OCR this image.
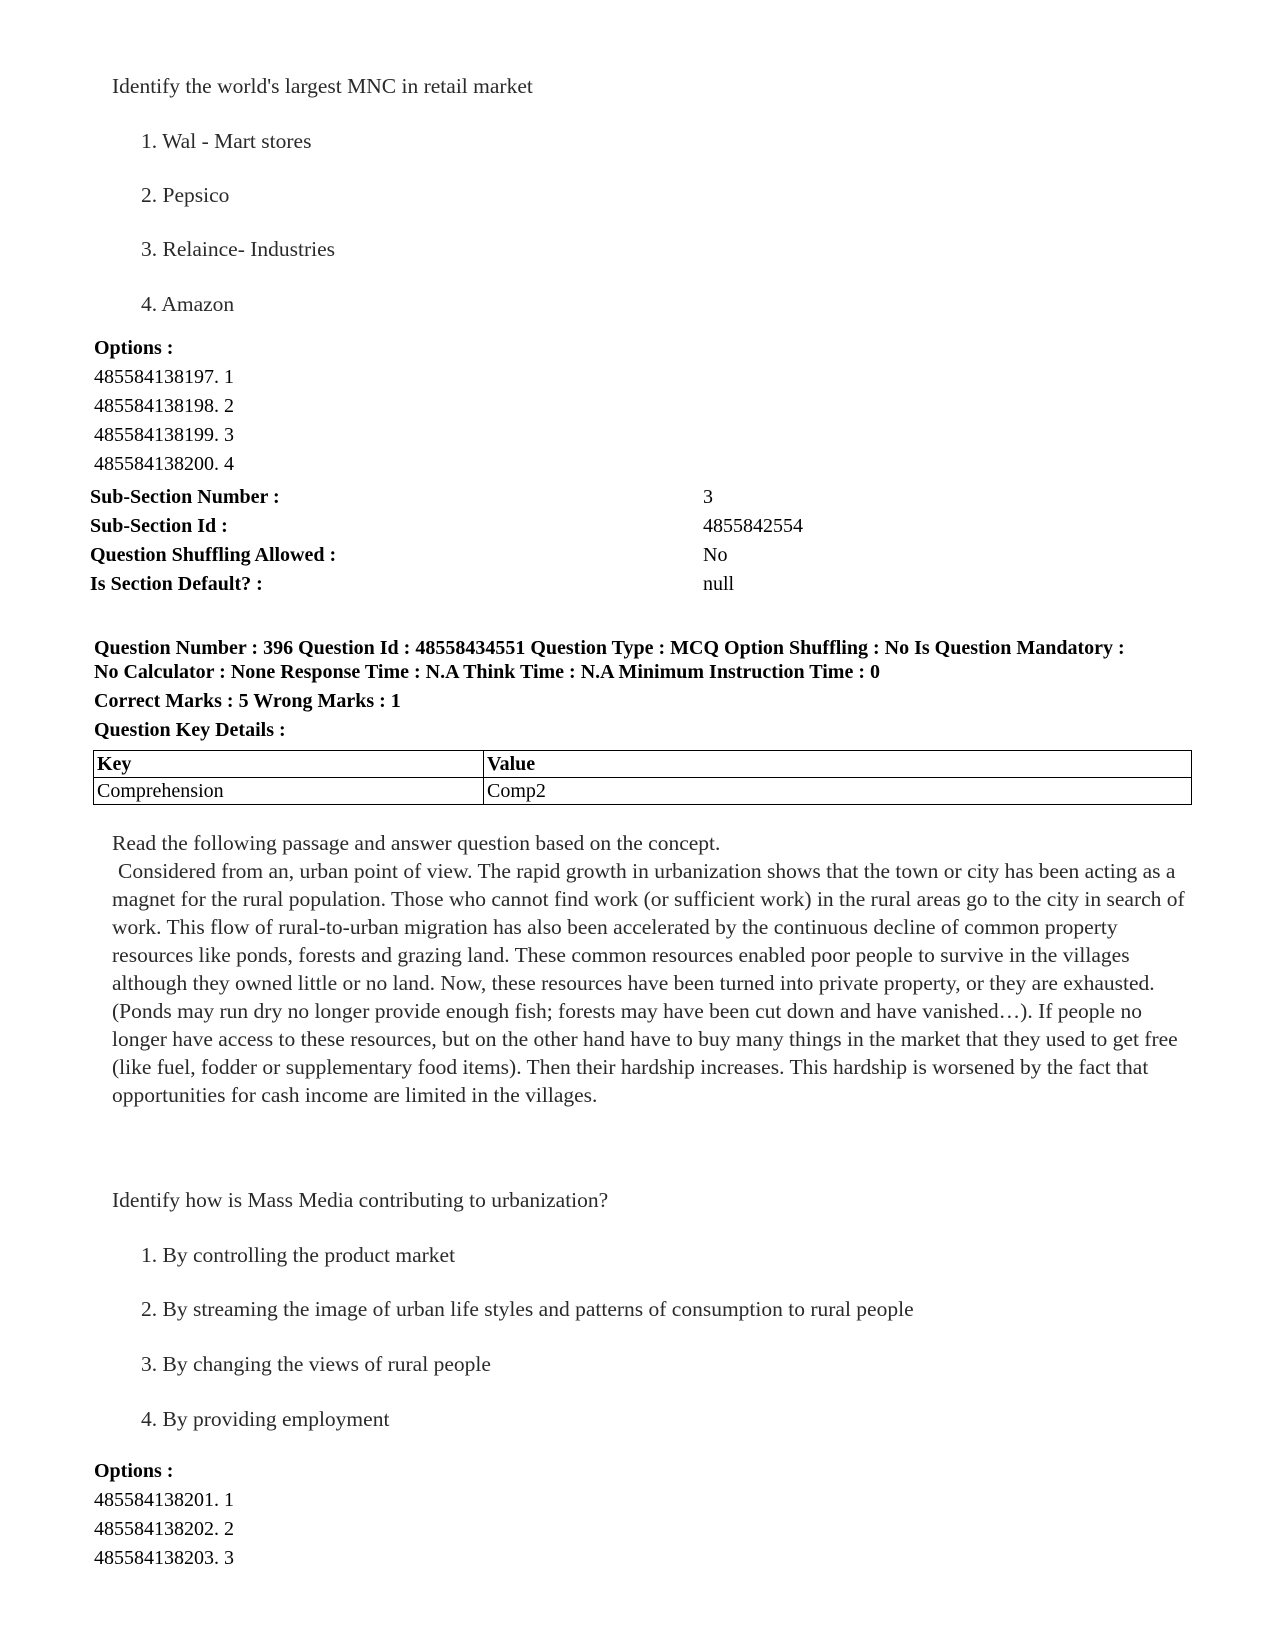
Identify the world's largest MNC in retail market
1. Wal - Mart stores
2. Pepsico
3. Relaince- Industries
4. Amazon
Options :
485584138197. 1
485584138198. 2
485584138199. 3
485584138200. 4
Sub-Section Number :	3
Sub-Section Id :	4855842554
Question Shuffling Allowed :	No
Is Section Default? :	null
Question Number : 396 Question Id : 48558434551 Question Type : MCQ Option Shuffling : No Is Question Mandatory :
No Calculator : None Response Time : N.A Think Time : N.A Minimum Instruction Time : 0
Correct Marks : 5 Wrong Marks : 1
Question Key Details :
Key	Value
Comprehension	Comp2

Read the following passage and answer question based on the concept.

Considered from an, urban point of view. The rapid growth in urbanization shows that the town or city has been acting as a magnet for the rural population. Those who cannot find work (or sufficient work) in the rural areas go to the city in search of work. This flow of rural-to-urban migration has also been accelerated by the continuous decline of common property resources like ponds, forests and grazing land. These common resources enabled poor people to survive in the villages although they owned little or no land. Now, these resources have been turned into private property, or they are exhausted. (Ponds may run dry no longer provide enough fish; forests may have been cut down and have vanished…). If people no longer have access to these resources, but on the other hand have to buy many things in the market that they used to get free (like fuel, fodder or supplementary food items). Then their hardship increases. This hardship is worsened by the fact that opportunities for cash income are limited in the villages.

Identify how is Mass Media contributing to urbanization?
1. By controlling the product market
2. By streaming the image of urban life styles and patterns of consumption to rural people
3. By changing the views of rural people
4. By providing employment
Options :
485584138201. 1
485584138202. 2
485584138203. 3
